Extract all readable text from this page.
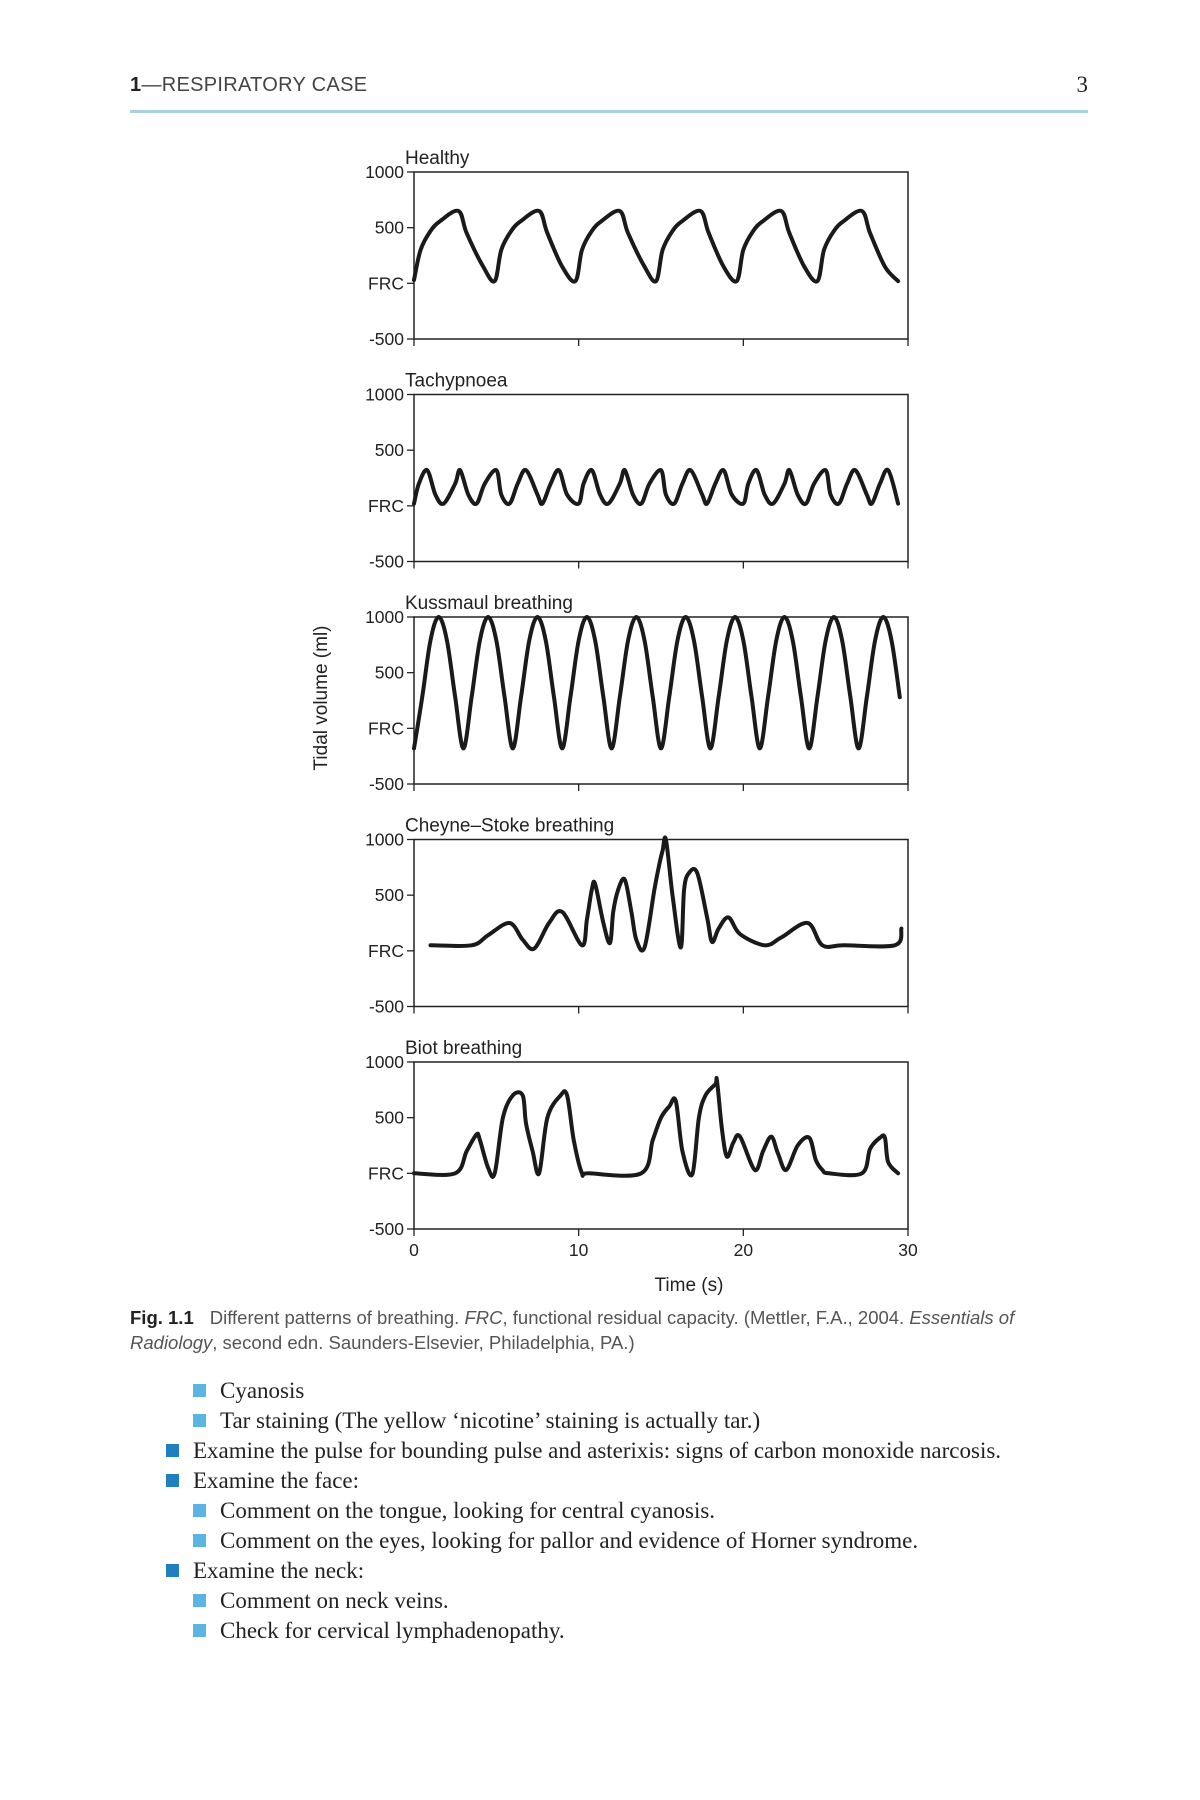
1—RESPIRATORY CASE	3
Tidal volume (ml)
Time (s)
Healthy
1000
500
FRC
-500
Tachypnoea
1000
500
FRC
-500
Kussmaul breathing
1000
500
FRC
-500
Cheyne–Stoke breathing
1000
500
FRC
-500
Biot breathing
1000
500
FRC
-500
0	10	20	30
Fig. 1.1 Different patterns of breathing. FRC, functional residual capacity. (Mettler, F.A., 2004. Essentials of Radiology, second edn. Saunders-Elsevier, Philadelphia, PA.)
Cyanosis
Tar staining (The yellow ‘nicotine’ staining is actually tar.)
Examine the pulse for bounding pulse and asterixis: signs of carbon monoxide narcosis.
Examine the face:
Comment on the tongue, looking for central cyanosis.
Comment on the eyes, looking for pallor and evidence of Horner syndrome.
Examine the neck:
Comment on neck veins.
Check for cervical lymphadenopathy.
